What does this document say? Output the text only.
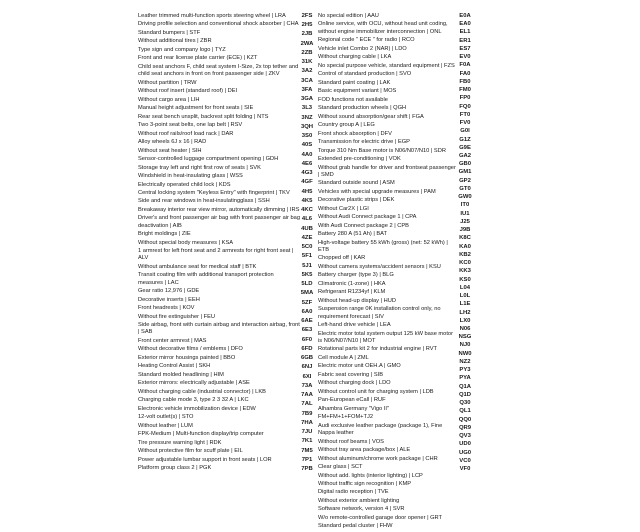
Leather trimmed multi-function sports steering wheel | LRA
Driving profile selection and conventional shock absorber | CHA
Standard bumpers | STF
Without additional tires | ZBR
Type sign and company logo | TYZ
Front and rear license plate carrier (ECE) | KZT
Child seat anchors F, child seat system I-Size, 2x top tether and child seat anchors in front on front passenger side | ZKV
Without partition | TRW
Without roof insert (standard roof) | DEI
Without cargo area | LIH
Manual height adjustment for front seats | SIE
Rear seat bench unsplit, backrest split folding | NTS
Two 3-point seat belts, one lap belt | RSV
Without roof rails/roof load rack | DAR
Alloy wheels 6J x 16 | RAD
Without seat heater | SIH
Sensor-controlled luggage compartment opening | GDH
Storage tray left and right first row of seats | SVK
Windshield in heat-insulating glass | WSS
Electrically operated child lock | KDS
Central locking system "Keyless Entry" with fingerprint | TKV
Side and rear windows in heat-insulatingglass | SSH
Breakaway interior rear view mirror, automatically dimming | IRS
Driver's and front passenger air bag with front passenger air bag deactivation | AIB
Bright moldings | ZIE
Without special body measures | KSA
1 armrest for left front seat and 2 armrests for right front seat | ALV
Without ambulance seat for medical staff | BTK
Transit coating film with additional transport protection measures | LAC
Gear ratio 12,976 | GDE
Decorative inserts | EEH
Front headrests | KOV
Without fire extinguisher | FEU
Side airbag, front with curtain airbag and interaction airbag, front | SAB
Front center armrest | MAS
Without decorative films / emblems | DFO
Exterior mirror housings painted | BBO
Heating Control Assist | SKH
Standard molded headlining | HIM
Exterior mirrors: electrically adjustable | ASE
Without charging cable (industrial connector) | LKB
Charging cable mode 3, type 2 3 32 A | LKC
Electronic vehicle immobilization device | EDW
12-volt outlet(s) | STO
Without leather | LUM
FPK-Medium | Multi-function display/trip computer
Tire pressure warning light | RDK
Without protective film for scuff plate | EIL
Power adjustable lumbar support in front seats | LOR
Platform group class 2 | PGK
2FS
2H5
2JB
2WA
2ZB
31K
3A2
3CA
3FA
3GA
3L3
3NZ
3QH
3S0
40S
4A0
4E6
4G3
4GF
4H5
4K5
4KC
4L6
4UB
4ZE
5C0
5F1
5J1
5K5
5LD
5MA
5ZF
6A0
6AE
6E3
6F0
6FD
6GB
6NJ
6XI
73A
7AA
7AL
7B9
7HA
7JU
7K1
7M5
7P1
7PB
No special edition | AAU
Online service, with OCU, without head unit coding, without engine immobilizer interconnection | ONL
Regional code " ECE " for radio | RCO
Vehicle inlet Combo 2 (NAR) | LDO
Without charging cable | LKA
No special purpose vehicle, standard equipment | FZS
Control of standard production | SVO
Standard paint coating | LAK
Basic equipment variant | MOS
FOD functions not available
Standard production wheels | QGH
Without sound absorption/gear shift | FGA
Country group A | LEG
Front shock absorption | DFV
Transmission for electric drive | EGP
Torque 310 Nm Base motor is N06/N07/N10 | SDR
Extended pre-conditioning | VOK
Without grab handle for driver and frontseat passenger | SMD
Standard outside sound | ASM
Vehicles with special upgrade measures | PAM
Decorative plastic strips | DEK
Without Car2X | LGI
Without Audi Connect package 1 | CPA
With Audi Connect package 2 | CPB
Battery 280 A (51 Ah) | BAT
High-voltage battery 55 kWh (gross) (net: 52 kWh) | ETB
Chopped off | KAR
Without camera systems/accident sensors | KSU
Battery charger (type 3) | BLG
Climatronic (1-zone) | HKA
Refrigerant R1234yf | KLM
Without head-up display | HUD
Suspension range 0K installation control only, no requirement forecast | SIV
Left-hand drive vehicle | LEA
Electric motor total system output 125 kW base motor is N06/N07/N10 | MOT
Rotational parts kit 2 for industrial engine | RVT
Cell module A | ZML
Electric motor unit OEH.A | GMO
Fabric seat covering | SIB
Without charging dock | LDO
Without control unit for charging system | LDB
Pan-European eCall | RUF
Alhambra Germany "Vigo II"
FM+FM+1+FOM+TJ2
Audi exclusive leather package (package 1), Fine Nappa leather
Without roof beams | VOS
Without tray area package/box | ALE
Without aluminum/chrome work package | CHR
Clear glass | SCT
Without add. lights (interior lighting) | LCP
Without traffic sign recognition | KMP
Digital radio reception | TVE
Without exterior ambient lighting
Software network, version 4 | SVR
W/o remote-controlled garage door opener | GRT
Standard pedal cluster | FHW
E0A
EA0
EL1
ER1
ES7
EV0
F0A
FA0
FB0
FM0
FP0
FQ0
FT0
FV0
G0I
G1Z
G9E
GA2
GB0
GM1
GP2
GT0
GW0
IT0
IU1
J25
J9B
K8C
KA0
KB2
KC0
KK3
KS0
L04
L0L
L1E
LH2
LX0
N06
NSG
NJ0
NW0
NZ2
PY3
PYA
Q1A
Q1D
Q30
QL1
QQ0
QR9
QV3
UD0
UG0
VC0
VF0
